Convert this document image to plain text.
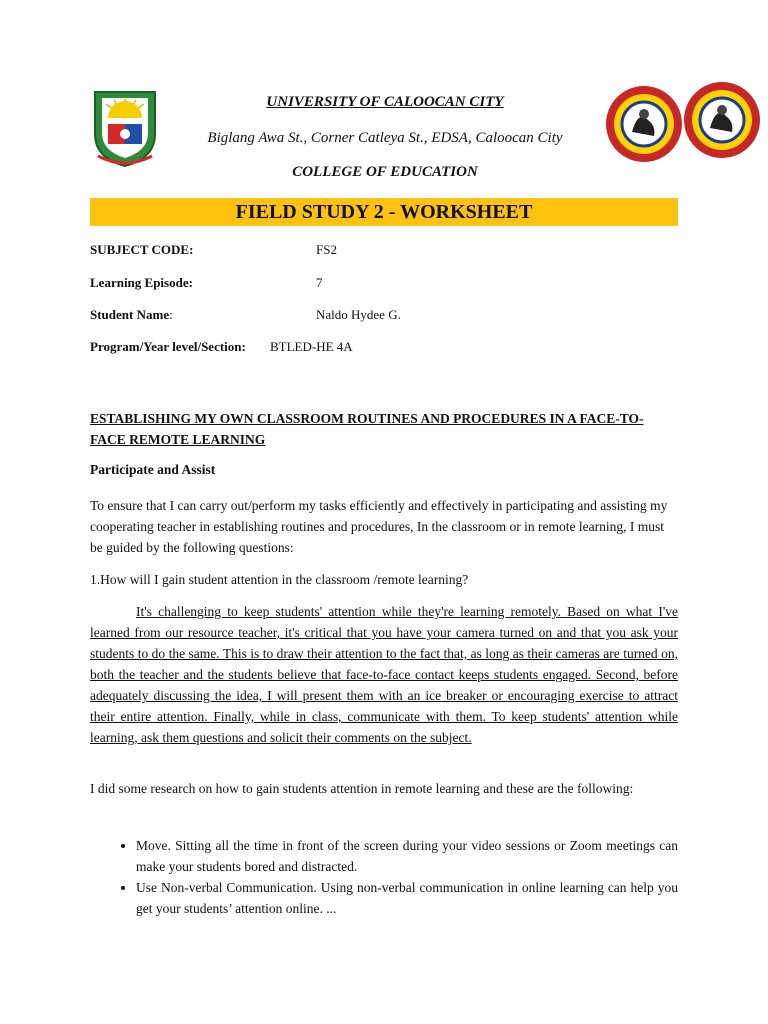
UNIVERSITY OF CALOOCAN CITY
Biglang Awa St., Corner Catleya St., EDSA, Caloocan City
COLLEGE OF EDUCATION
FIELD STUDY 2 - WORKSHEET
SUBJECT CODE:	FS2
Learning Episode:	7
Student Name:	Naldo Hydee G.
Program/Year level/Section: BTLED-HE 4A
ESTABLISHING MY OWN CLASSROOM ROUTINES AND PROCEDURES IN A FACE-TO-FACE REMOTE LEARNING
Participate and Assist
To ensure that I can carry out/perform my tasks efficiently and effectively in participating and assisting my cooperating teacher in establishing routines and procedures, In the classroom or in remote learning, I must be guided by the following questions:
1.How will I gain student attention in the classroom /remote learning?
It's challenging to keep students' attention while they're learning remotely. Based on what I've learned from our resource teacher, it's critical that you have your camera turned on and that you ask your students to do the same. This is to draw their attention to the fact that, as long as their cameras are turned on, both the teacher and the students believe that face-to-face contact keeps students engaged. Second, before adequately discussing the idea, I will present them with an ice breaker or encouraging exercise to attract their entire attention. Finally, while in class, communicate with them. To keep students' attention while learning, ask them questions and solicit their comments on the subject.
I did some research on how to gain students attention in remote learning and these are the following:
• Move. Sitting all the time in front of the screen during your video sessions or Zoom meetings can make your students bored and distracted.
• Use Non-verbal Communication. Using non-verbal communication in online learning can help you get your students’ attention online. ...
